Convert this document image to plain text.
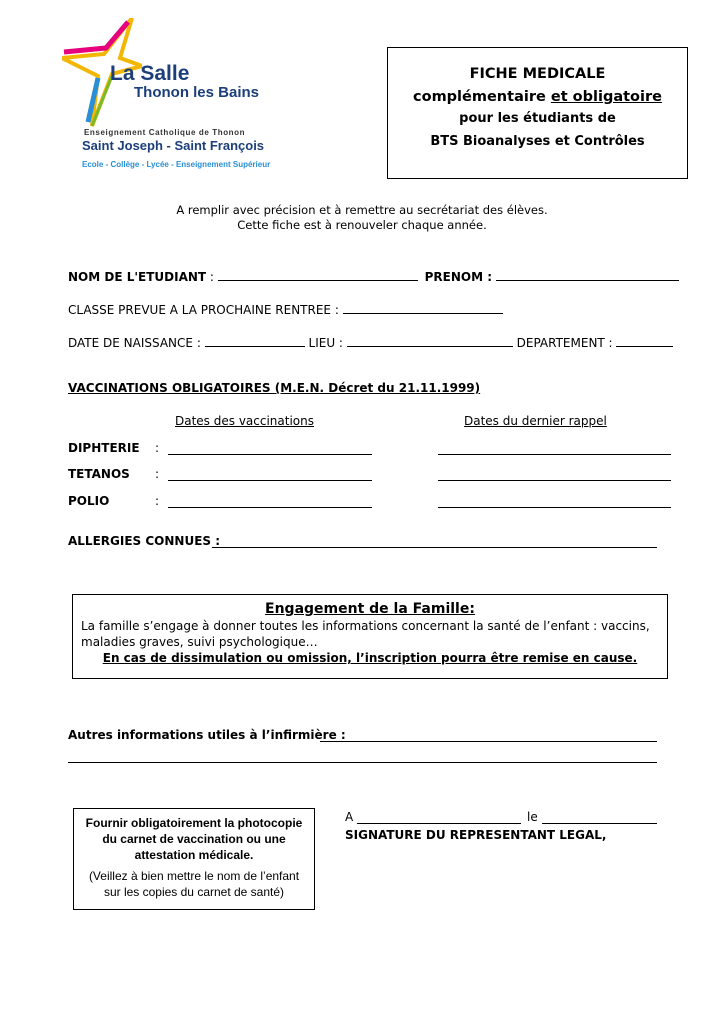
La Salle
Thonon les Bains
Enseignement Catholique de Thonon
Saint Joseph - Saint François
Ecole - Collège - Lycée - Enseignement Supérieur
FICHE MEDICALE
complémentaire et obligatoire
pour les étudiants de
BTS Bioanalyses et Contrôles
A remplir avec précision et à remettre au secrétariat des élèves.
Cette fiche est à renouveler chaque année.
NOM DE L'ETUDIANT :	PRENOM :
CLASSE PREVUE A LA PROCHAINE RENTREE :
DATE DE NAISSANCE :	LIEU :	DEPARTEMENT :
VACCINATIONS OBLIGATOIRES (M.E.N. Décret du 21.11.1999)
Dates des vaccinations	Dates du dernier rappel
DIPHTERIE :
TETANOS :
POLIO	:
ALLERGIES CONNUES :
Engagement de la Famille:
La famille s’engage à donner toutes les informations concernant la santé de l’enfant : vaccins, maladies graves, suivi psychologique…
En cas de dissimulation ou omission, l’inscription pourra être remise en cause.
Autres informations utiles à l’infirmière :
Fournir obligatoirement la photocopie du carnet de vaccination ou une attestation médicale.
(Veillez à bien mettre le nom de l’enfant sur les copies du carnet de santé)
A	le
SIGNATURE DU REPRESENTANT LEGAL,
